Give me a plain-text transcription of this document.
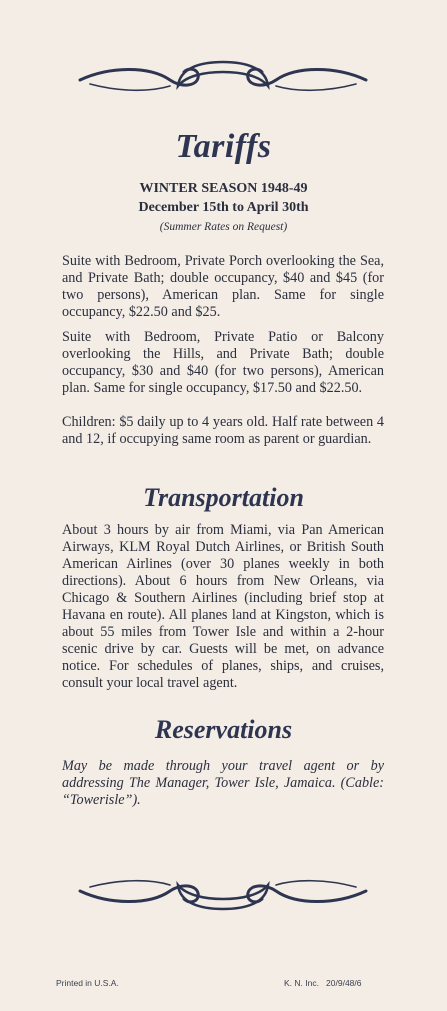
Tariffs
WINTER SEASON 1948-49
December 15th to April 30th
(Summer Rates on Request)
Suite with Bedroom, Private Porch overlooking the Sea, and Private Bath; double occupancy, $40 and $45 (for two persons), American plan. Same for single occupancy, $22.50 and $25.
Suite with Bedroom, Private Patio or Balcony overlooking the Hills, and Private Bath; double occupancy, $30 and $40 (for two persons), American plan. Same for single occupancy, $17.50 and $22.50.
Children: $5 daily up to 4 years old. Half rate between 4 and 12, if occupying same room as parent or guardian.
Transportation
About 3 hours by air from Miami, via Pan American Airways, KLM Royal Dutch Airlines, or British South American Airlines (over 30 planes weekly in both directions). About 6 hours from New Orleans, via Chicago & Southern Airlines (including brief stop at Havana en route). All planes land at Kingston, which is about 55 miles from Tower Isle and within a 2-hour scenic drive by car. Guests will be met, on advance notice. For schedules of planes, ships, and cruises, consult your local travel agent.
Reservations
May be made through your travel agent or by addressing The Manager, Tower Isle, Jamaica. (Cable: “Towerisle”).
Printed in U.S.A.	K. N. Inc.   20/9/48/6
